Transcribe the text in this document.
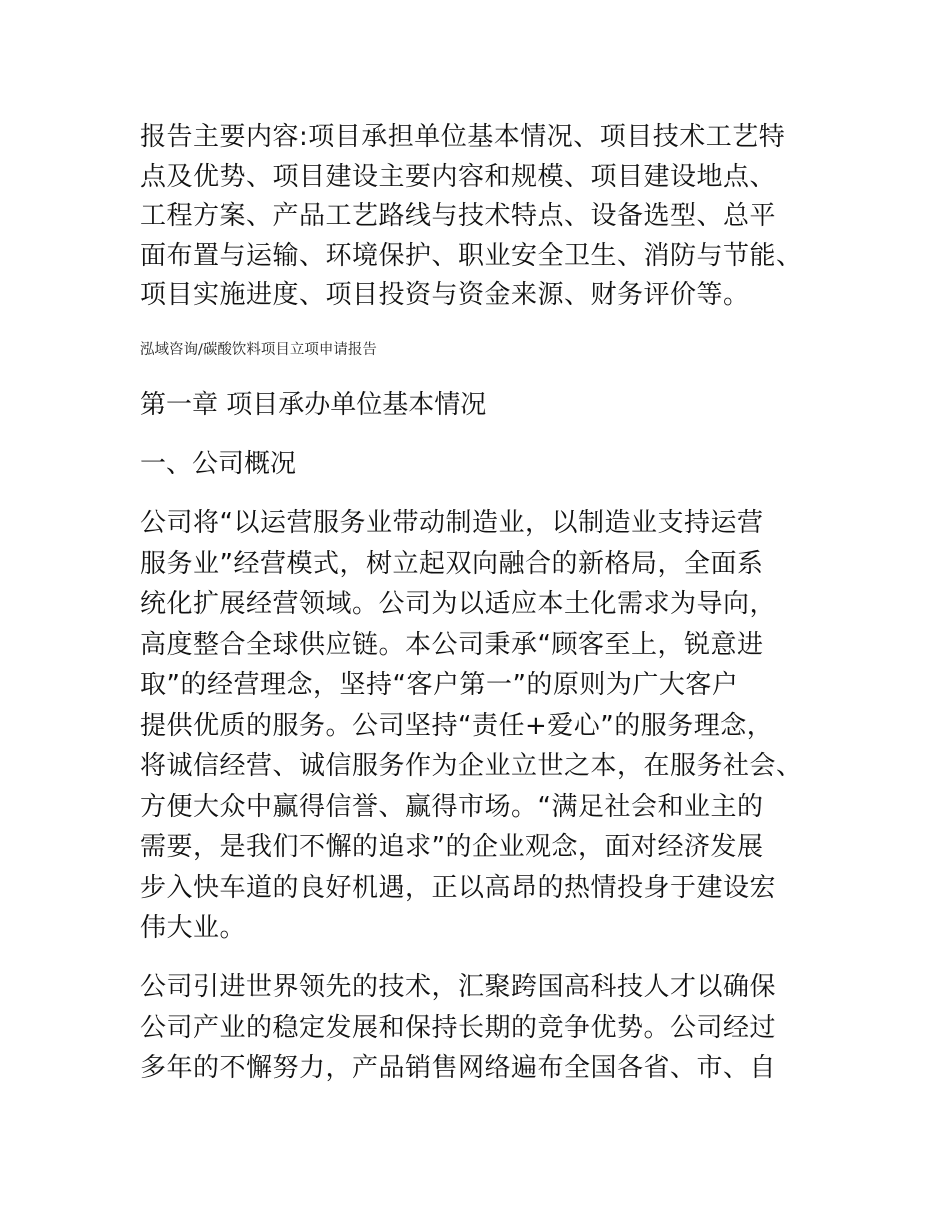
报告主要内容:项目承担单位基本情况、项目技术工艺特
点及优势、项目建设主要内容和规模、项目建设地点、
工程方案、产品工艺路线与技术特点、设备选型、总平
面布置与运输、环境保护、职业安全卫生、消防与节能、
项目实施进度、项目投资与资金来源、财务评价等。
泓域咨询/碳酸饮料项目立项申请报告
第一章 项目承办单位基本情况
一、公司概况
公司将“以运营服务业带动制造业，以制造业支持运营
服务业”经营模式，树立起双向融合的新格局，全面系
统化扩展经营领域。公司为以适应本土化需求为导向，
高度整合全球供应链。本公司秉承“顾客至上，锐意进
取”的经营理念，坚持“客户第一”的原则为广大客户
提供优质的服务。公司坚持“责任+爱心”的服务理念，
将诚信经营、诚信服务作为企业立世之本，在服务社会、
方便大众中赢得信誉、赢得市场。“满足社会和业主的
需要，是我们不懈的追求”的企业观念，面对经济发展
步入快车道的良好机遇，正以高昂的热情投身于建设宏
伟大业。
公司引进世界领先的技术，汇聚跨国高科技人才以确保
公司产业的稳定发展和保持长期的竞争优势。公司经过
多年的不懈努力，产品销售网络遍布全国各省、市、自
